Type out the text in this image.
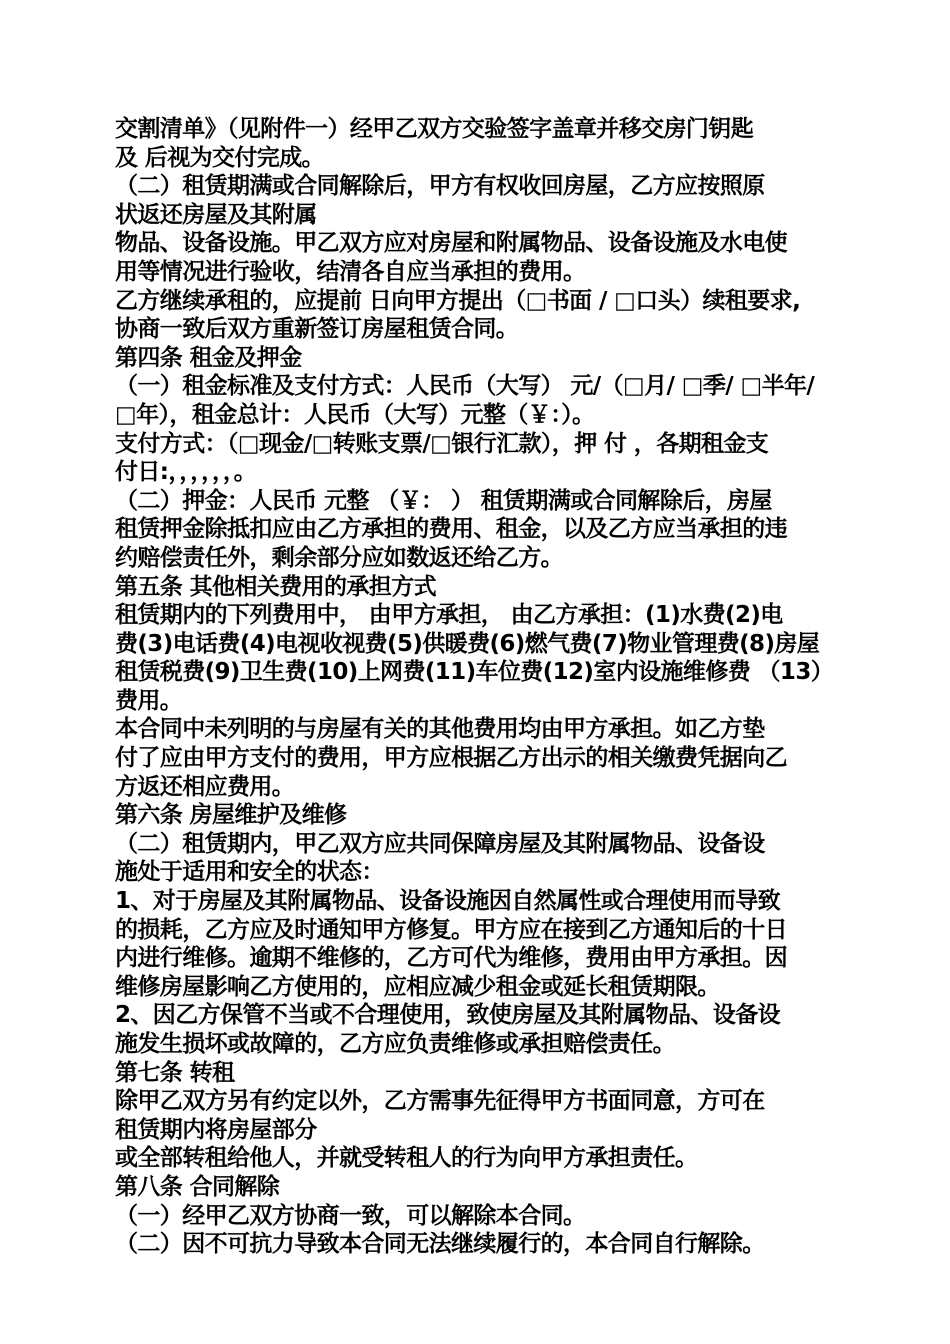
交割清单》（见附件一）经甲乙双方交验签字盖章并移交房门钥匙
及 后视为交付完成。
（二）租赁期满或合同解除后，甲方有权收回房屋，乙方应按照原
状返还房屋及其附属
物品、设备设施。甲乙双方应对房屋和附属物品、设备设施及水电使
用等情况进行验收，结清各自应当承担的费用。
乙方继续承租的，应提前 日向甲方提出（□书面 / □口头）续租要求,
协商一致后双方重新签订房屋租赁合同。
第四条 租金及押金
（一）租金标准及支付方式：人民币（大写） 元/（□月/ □季/ □半年/
□年），租金总计：人民币（大写）元整（￥：）。
支付方式：（□现金/□转账支票/□银行汇款），押 付 ，各期租金支
付日:，，，，，，。
（二）押金：人民币 元整 （￥： ） 租赁期满或合同解除后，房屋
租赁押金除抵扣应由乙方承担的费用、租金，以及乙方应当承担的违
约赔偿责任外，剩余部分应如数返还给乙方。
第五条 其他相关费用的承担方式
租赁期内的下列费用中， 由甲方承担， 由乙方承担：(1)水费(2)电
费(3)电话费(4)电视收视费(5)供暖费(6)燃气费(7)物业管理费(8)房屋
租赁税费(9)卫生费(10)上网费(11)车位费(12)室内设施维修费 （13）
费用。
本合同中未列明的与房屋有关的其他费用均由甲方承担。如乙方垫
付了应由甲方支付的费用，甲方应根据乙方出示的相关缴费凭据向乙
方返还相应费用。
第六条 房屋维护及维修
（二）租赁期内，甲乙双方应共同保障房屋及其附属物品、设备设
施处于适用和安全的状态：
1、对于房屋及其附属物品、设备设施因自然属性或合理使用而导致
的损耗，乙方应及时通知甲方修复。甲方应在接到乙方通知后的十日
内进行维修。逾期不维修的，乙方可代为维修，费用由甲方承担。因
维修房屋影响乙方使用的，应相应减少租金或延长租赁期限。
2、因乙方保管不当或不合理使用，致使房屋及其附属物品、设备设
施发生损坏或故障的，乙方应负责维修或承担赔偿责任。
第七条 转租
除甲乙双方另有约定以外，乙方需事先征得甲方书面同意，方可在
租赁期内将房屋部分
或全部转租给他人，并就受转租人的行为向甲方承担责任。
第八条 合同解除
（一）经甲乙双方协商一致，可以解除本合同。
（二）因不可抗力导致本合同无法继续履行的，本合同自行解除。
